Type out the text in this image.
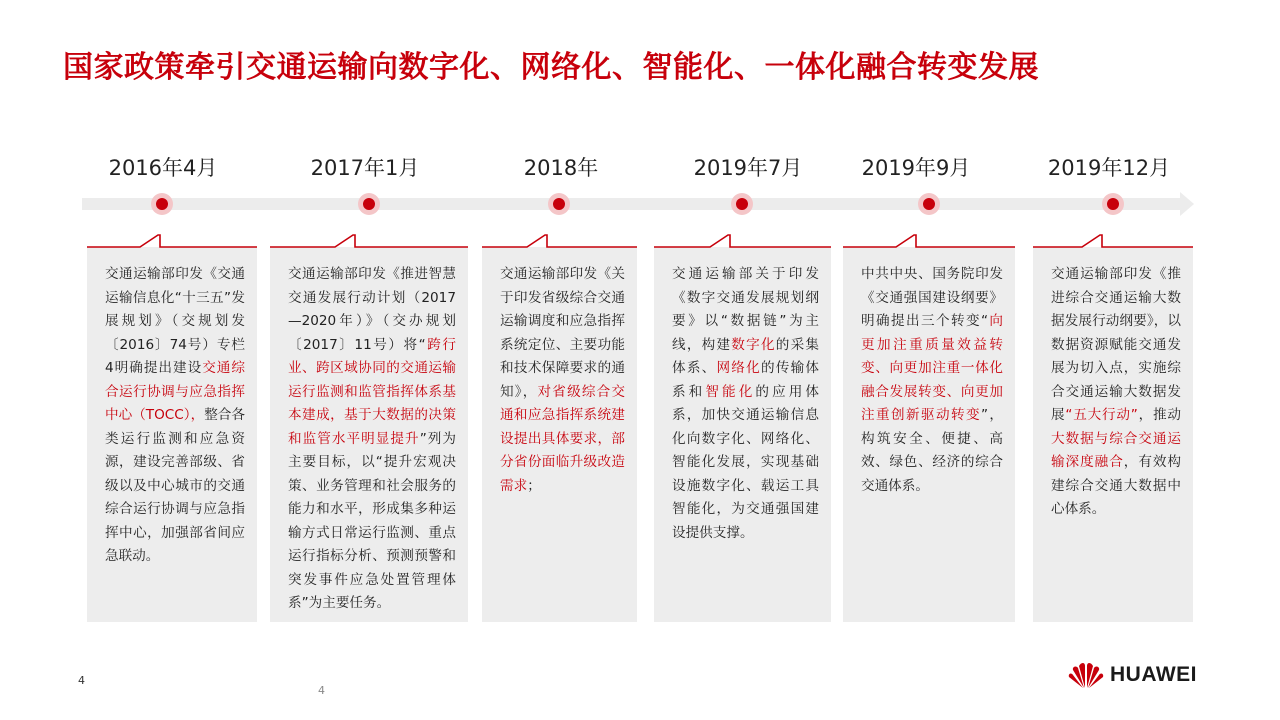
国家政策牵引交通运输向数字化、网络化、智能化、一体化融合转变发展
2016年4月
交通运输部印发《交通运输信息化“十三五”发展规划》（交规划发〔2016〕74号）专栏4明确提出建设交通综合运行协调与应急指挥中心（TOCC），整合各类运行监测和应急资源，建设完善部级、省级以及中心城市的交通综合运行协调与应急指挥中心，加强部省间应急联动。
2017年1月
交通运输部印发《推进智慧交通发展行动计划（2017—2020年）》（交办规划〔2017〕11号）将“跨行业、跨区域协同的交通运输运行监测和监管指挥体系基本建成，基于大数据的决策和监管水平明显提升”列为主要目标，以“提升宏观决策、业务管理和社会服务的能力和水平，形成集多种运输方式日常运行监测、重点运行指标分析、预测预警和突发事件应急处置管理体系”为主要任务。
2018年
交通运输部印发《关于印发省级综合交通运输调度和应急指挥系统定位、主要功能和技术保障要求的通知》，对省级综合交通和应急指挥系统建设提出具体要求，部分省份面临升级改造需求；
2019年7月
交通运输部关于印发《数字交通发展规划纲要》以“数据链”为主线，构建数字化的采集体系、网络化的传输体系和智能化的应用体系，加快交通运输信息化向数字化、网络化、智能化发展，实现基础设施数字化、载运工具智能化，为交通强国建设提供支撑。
2019年9月
中共中央、国务院印发《交通强国建设纲要》明确提出三个转变“向更加注重质量效益转变、向更加注重一体化融合发展转变、向更加注重创新驱动转变”，构筑安全、便捷、高效、绿色、经济的综合交通体系。
2019年12月
交通运输部印发《推进综合交通运输大数据发展行动纲要》，以数据资源赋能交通发展为切入点，实施综合交通运输大数据发展“五大行动”，推动大数据与综合交通运输深度融合，有效构建综合交通大数据中心体系。
4
4
HUAWEI
